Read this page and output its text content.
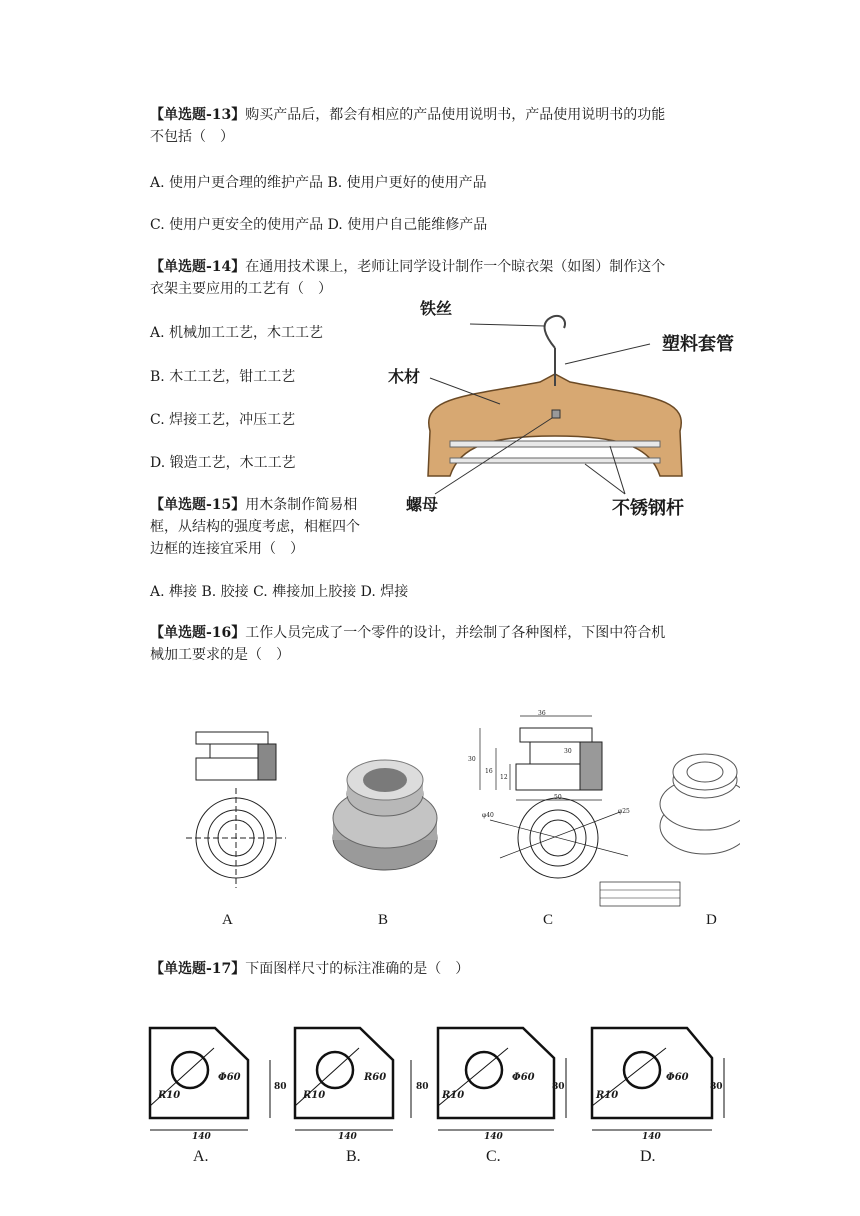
【单选题-13】购买产品后，都会有相应的产品使用说明书，产品使用说明书的功能
不包括（　）
A. 使用户更合理的维护产品 B. 使用户更好的使用产品
C. 使用户更安全的使用产品 D. 使用户自己能维修产品
【单选题-14】在通用技术课上，老师让同学设计制作一个晾衣架（如图）制作这个
衣架主要应用的工艺有（　）
A. 机械加工工艺，木工工艺
B. 木工工艺，钳工工艺
C. 焊接工艺，冲压工艺
D. 锻造工艺，木工工艺
铁丝
塑料套管
木材
螺母	不锈钢杆
【单选题-15】用木条制作简易相
框，从结构的强度考虑，相框四个
边框的连接宜采用（　）
A. 榫接 B. 胶接 C. 榫接加上胶接 D. 焊接
【单选题-16】工作人员完成了一个零件的设计，并绘制了各种图样，下图中符合机
械加工要求的是（　）
36
30
30
16
12
50
φ40
φ25
A	B	C	D
【单选题-17】下面图样尺寸的标注准确的是（　）
R10
Φ60
80
140
R10
R60
80
140
R10
Φ60
80
140
R10
Φ60
80
140
A.	B.	C.	D.
